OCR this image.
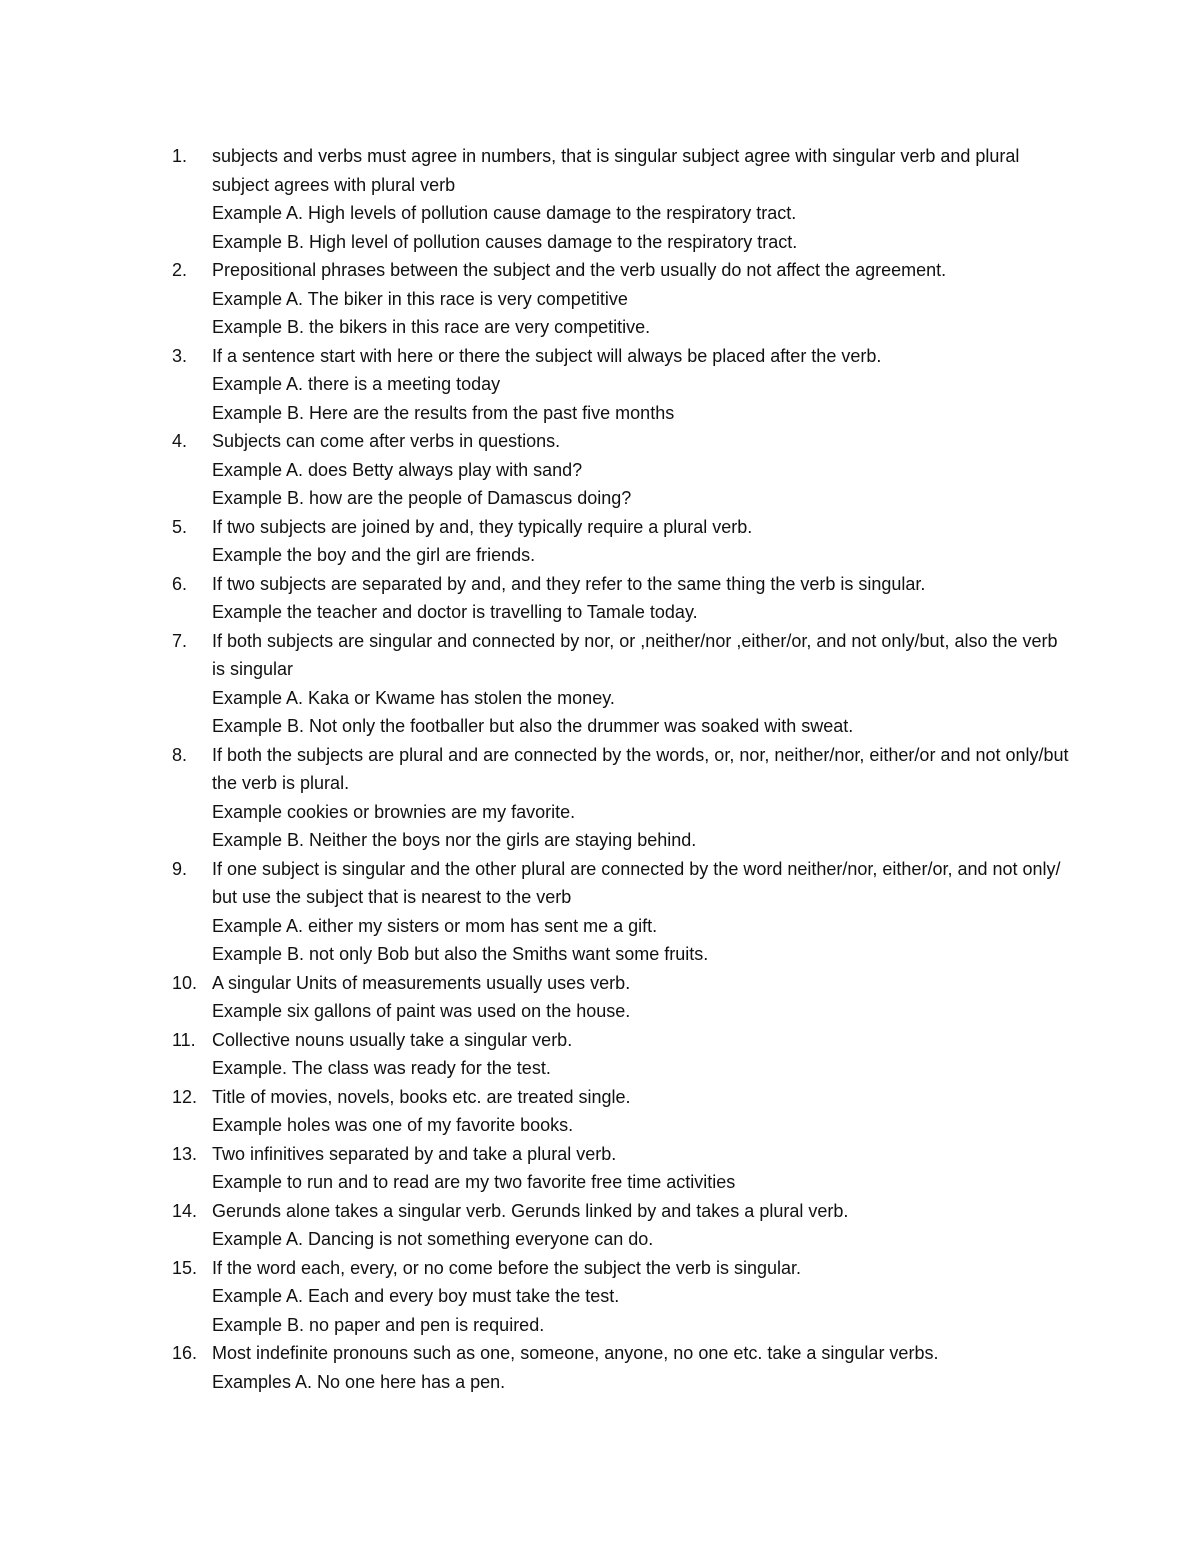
1.	subjects and verbs must agree in numbers, that is singular subject agree with singular verb and plural subject agrees with plural verb
Example A. High levels of pollution cause damage to the respiratory tract.
Example B. High level of pollution causes damage to the respiratory tract.
2.	Prepositional phrases between the subject and the verb usually do not affect the agreement.
Example A. The biker in this race is very competitive
Example B. the bikers in this race are very competitive.
3.	If a sentence start with here or there the subject will always be placed after the verb.
Example A. there is a meeting today
Example B. Here are the results from the past five months
4.	Subjects can come after verbs in questions.
Example A. does Betty always play with sand?
Example B. how are the people of Damascus doing?
5.	If two subjects are joined by and, they typically require a plural verb.
Example the boy and the girl are friends.
6.	If two subjects are separated by and, and they refer to the same thing the verb is singular.
Example the teacher and doctor is travelling to Tamale today.
7.	If both subjects are singular and connected by nor, or ,neither/nor ,either/or, and not only/but, also the verb is singular
Example A. Kaka or Kwame has stolen the money.
Example B. Not only the footballer but also the drummer was soaked with sweat.
8.	If both the subjects are plural and are connected by the words, or, nor, neither/nor, either/or and not only/but the verb is plural.
Example cookies or brownies are my favorite.
Example B. Neither the boys nor the girls are staying behind.
9.	If one subject is singular and the other plural are connected by the word neither/nor, either/or, and not only/ but use the subject that is nearest to the verb
Example A. either my sisters or mom has sent me a gift.
Example B. not only Bob but also the Smiths want some fruits.
10. A singular Units of measurements usually uses verb.
Example six gallons of paint was used on the house.
11. Collective nouns usually take a singular verb.
Example. The class was ready for the test.
12. Title of movies, novels, books etc. are treated single.
Example holes was one of my favorite books.
13. Two infinitives separated by and take a plural verb.
Example to run and to read are my two favorite free time activities
14. Gerunds alone takes a singular verb. Gerunds linked by and takes a plural verb.
Example A. Dancing is not something everyone can do.
15. If the word each, every, or no come before the subject the verb is singular.
Example A. Each and every boy must take the test.
Example B. no paper and pen is required.
16. Most indefinite pronouns such as one, someone, anyone, no one etc. take a singular verbs.
Examples A. No one here has a pen.
